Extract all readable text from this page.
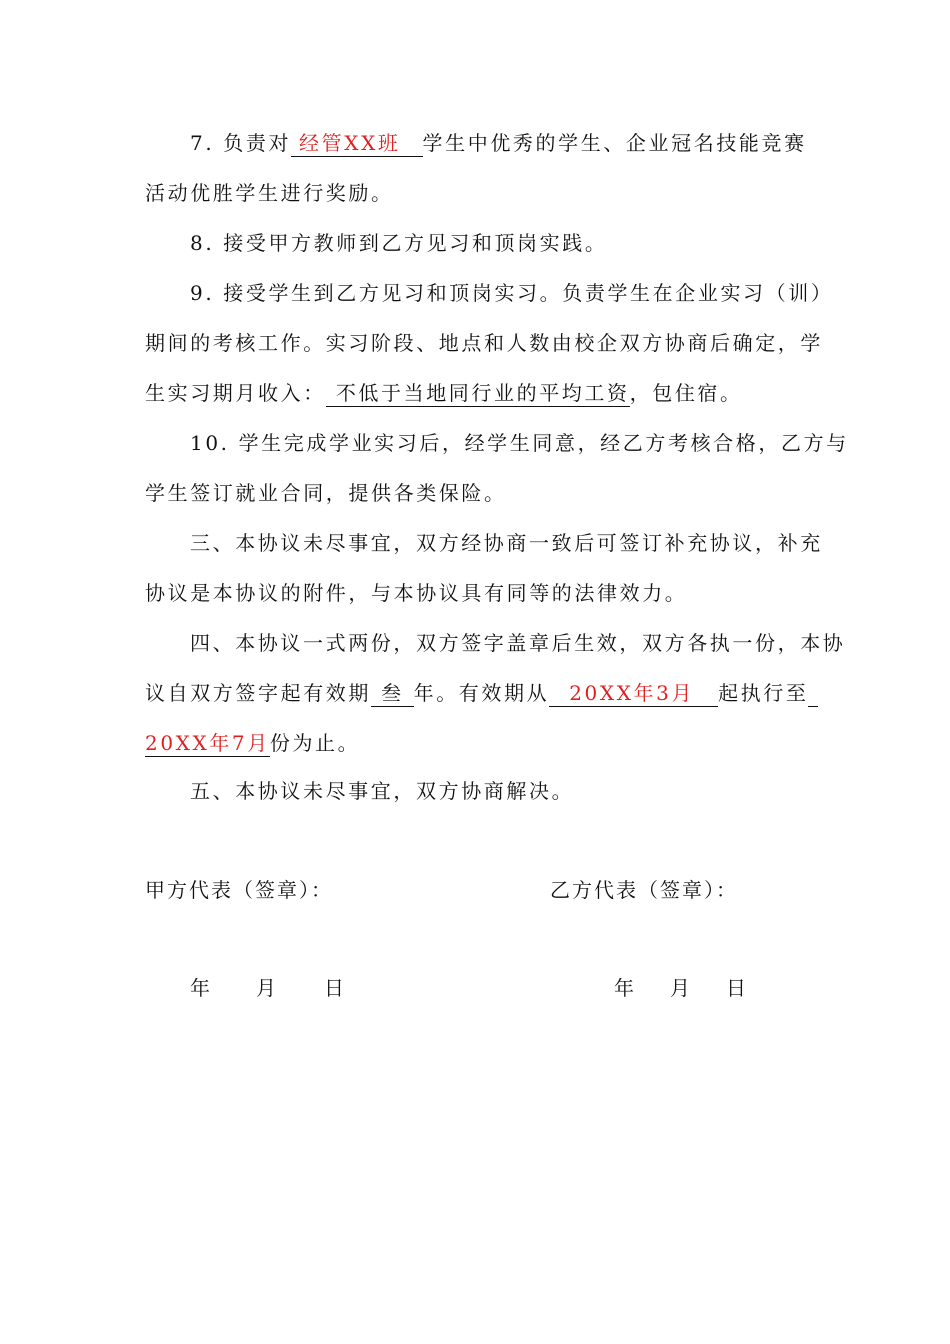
7. 负责对 经管XX班 学生中优秀的学生、企业冠名技能竞赛
活动优胜学生进行奖励。
8. 接受甲方教师到乙方见习和顶岗实践。
9. 接受学生到乙方见习和顶岗实习。负责学生在企业实习（训）
期间的考核工作。实习阶段、地点和人数由校企双方协商后确定，学
生实习期月收入： 不低于当地同行业的平均工资，包住宿。
10. 学生完成学业实习后，经学生同意，经乙方考核合格，乙方与
学生签订就业合同，提供各类保险。
三、本协议未尽事宜，双方经协商一致后可签订补充协议，补充
协议是本协议的附件，与本协议具有同等的法律效力。
四、本协议一式两份，双方签字盖章后生效，双方各执一份，本协
议自双方签字起有效期 叁 年。有效期从 20XX年3月 起执行至
20XX年7月份为止。
五、本协议未尽事宜，双方协商解决。
甲方代表（签章）：	乙方代表（签章）：
年 月 日	年 月 日
